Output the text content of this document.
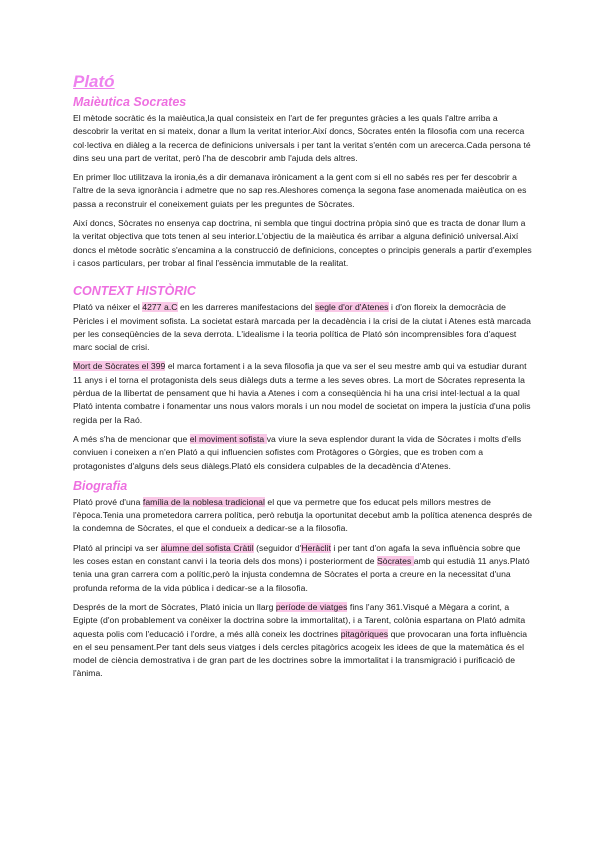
Plató
Maièutica Socrates

El mètode socràtic és la maièutica,la qual consisteix en l'art de fer preguntes gràcies a les quals l'altre arriba a descobrir la veritat en si mateix, donar a llum la veritat interior.Així doncs, Sòcrates entén la filosofia com una recerca col·lectiva en diàleg a la recerca de definicions universals i per tant la veritat s'entén com un arecerca.Cada persona té dins seu una part de veritat, però l'ha de descobrir amb l'ajuda dels altres.

En primer lloc utilitzava la ironia,és a dir demanava irònicament a la gent com si ell no sabés res per fer descobrir a l'altre de la seva ignorància i admetre que no sap res.Aleshores comença la segona fase anomenada maièutica on es passa a reconstruir el coneixement guiats per les preguntes de Sòcrates.

Així doncs, Sòcrates no ensenya cap doctrina, ni sembla que tingui doctrina pròpia sinó que es tracta de donar llum a la veritat objectiva que tots tenen al seu interior.L'objectiu de la maièutica és arribar a alguna definició universal.Així doncs el mètode socràtic s'encamina a la construcció de definicions, conceptes o principis generals a partir d'exemples i casos particulars, per trobar al final l'essència immutable de la realitat.

CONTEXT HISTÒRIC

Plató va néixer el 4277 a.C en les darreres manifestacions del segle d'or d'Atenes i d'on floreix la democràcia de Pèricles i el moviment sofista. La societat estarà marcada per la decadència i la crisi de la ciutat i Atenes està marcada per les conseqüències de la seva derrota. L'idealisme i la teoria política de Plató són incomprensibles fora d'aquest marc social de crisi.

Mort de Sòcrates el 399 el marca fortament i a la seva filosofia ja que va ser el seu mestre amb qui va estudiar durant 11 anys i el torna el protagonista dels seus diàlegs duts a terme a les seves obres. La mort de Sòcrates representa la pèrdua de la llibertat de pensament que hi havia a Atenes i com a conseqüència hi ha una crisi intel·lectual a la qual Plató intenta combatre i fonamentar uns nous valors morals i un nou model de societat on impera la justícia d'una polis regida per la Raó.

A més s'ha de mencionar que el moviment sofista va viure la seva esplendor durant la vida de Sòcrates i molts d'ells conviuen i coneixen a n'en Plató a qui influencien sofistes com Protàgores o Gòrgies, que es troben com a protagonistes d'alguns dels seus diàlegs.Plató els considera culpables de la decadència d'Atenes.

Biografia

Plató prové d'una família de la noblesa tradicional el que va permetre que fos educat pels millors mestres de l'època.Tenia una prometedora carrera política, però rebutja la oportunitat decebut amb la política atenenca després de la condemna de Sòcrates, el que el condueix a dedicar-se a la filosofia.

Plató al principi va ser alumne del sofista Cràtil (seguidor d'Heràclit i per tant d'on agafa la seva influència sobre que les coses estan en constant canvi i la teoria dels dos mons) i posteriorment de Sòcrates amb qui estudià 11 anys.Plató tenia una gran carrera com a polític,però la injusta condemna de Sòcrates el porta a creure en la necessitat d'una profunda reforma de la vida pública i dedicar-se a la filosofia.

Després de la mort de Sòcrates, Plató inicia un llarg període de viatges fins l'any 361.Visqué a Mègara a corint, a Egipte (d'on probablement va conèixer la doctrina sobre la immortalitat), i a Tarent, colònia espartana on Plató admita aquesta polis com l'educació i l'ordre, a més allà coneix les doctrines pitagòriques que provocaran una forta influència en el seu pensament.Per tant dels seus viatges i dels cercles pitagòrics acogeix les idees de que la matemàtica és el model de ciència demostrativa i de gran part de les doctrines sobre la immortalitat i la transmigració i purificació de l'ànima.
